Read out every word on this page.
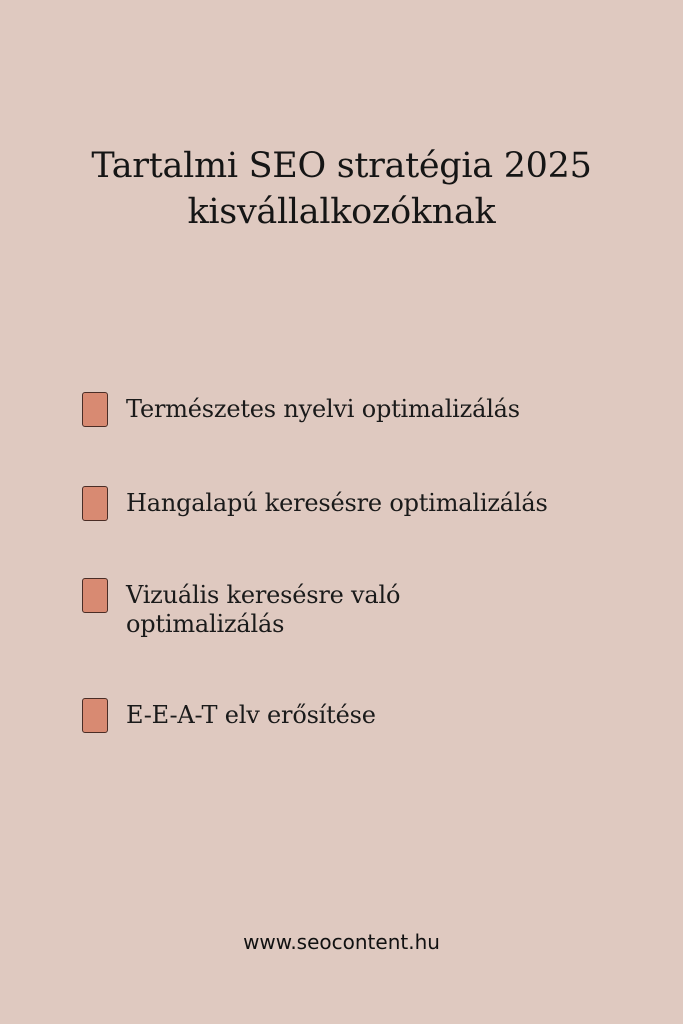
Tartalmi SEO stratégia 2025
kisvállalkozóknak
Természetes nyelvi optimalizálás
Hangalapú keresésre optimalizálás
Vizuális keresésre való optimalizálás
E-E-A-T elv erősítése
www.seocontent.hu
